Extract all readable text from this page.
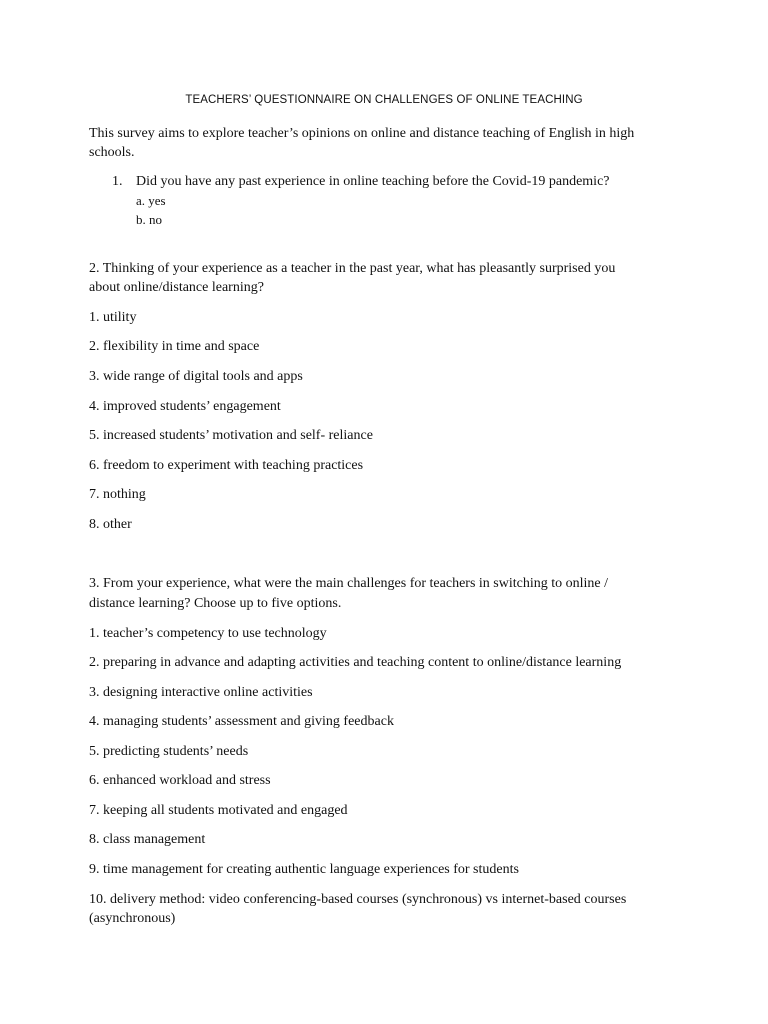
TEACHERS’ QUESTIONNAIRE ON CHALLENGES OF ONLINE TEACHING
This survey aims to explore teacher’s opinions on online and distance teaching of English in high
schools.
1. Did you have any past experience in online teaching before the Covid-19 pandemic?
a. yes
b. no
2. Thinking of your experience as a teacher in the past year, what has pleasantly surprised you
about online/distance learning?
1. utility
2. flexibility in time and space
3. wide range of digital tools and apps
4. improved students’ engagement
5. increased students’ motivation and self- reliance
6. freedom to experiment with teaching practices
7. nothing
8. other
3. From your experience, what were the main challenges for teachers in switching to online /
distance learning? Choose up to five options.
1. teacher’s competency to use technology
2. preparing in advance and adapting activities and teaching content to online/distance learning
3. designing interactive online activities
4. managing students’ assessment and giving feedback
5. predicting students’ needs
6. enhanced workload and stress
7. keeping all students motivated and engaged
8. class management
9. time management for creating authentic language experiences for students
10. delivery method: video conferencing-based courses (synchronous) vs internet-based courses
(asynchronous)
